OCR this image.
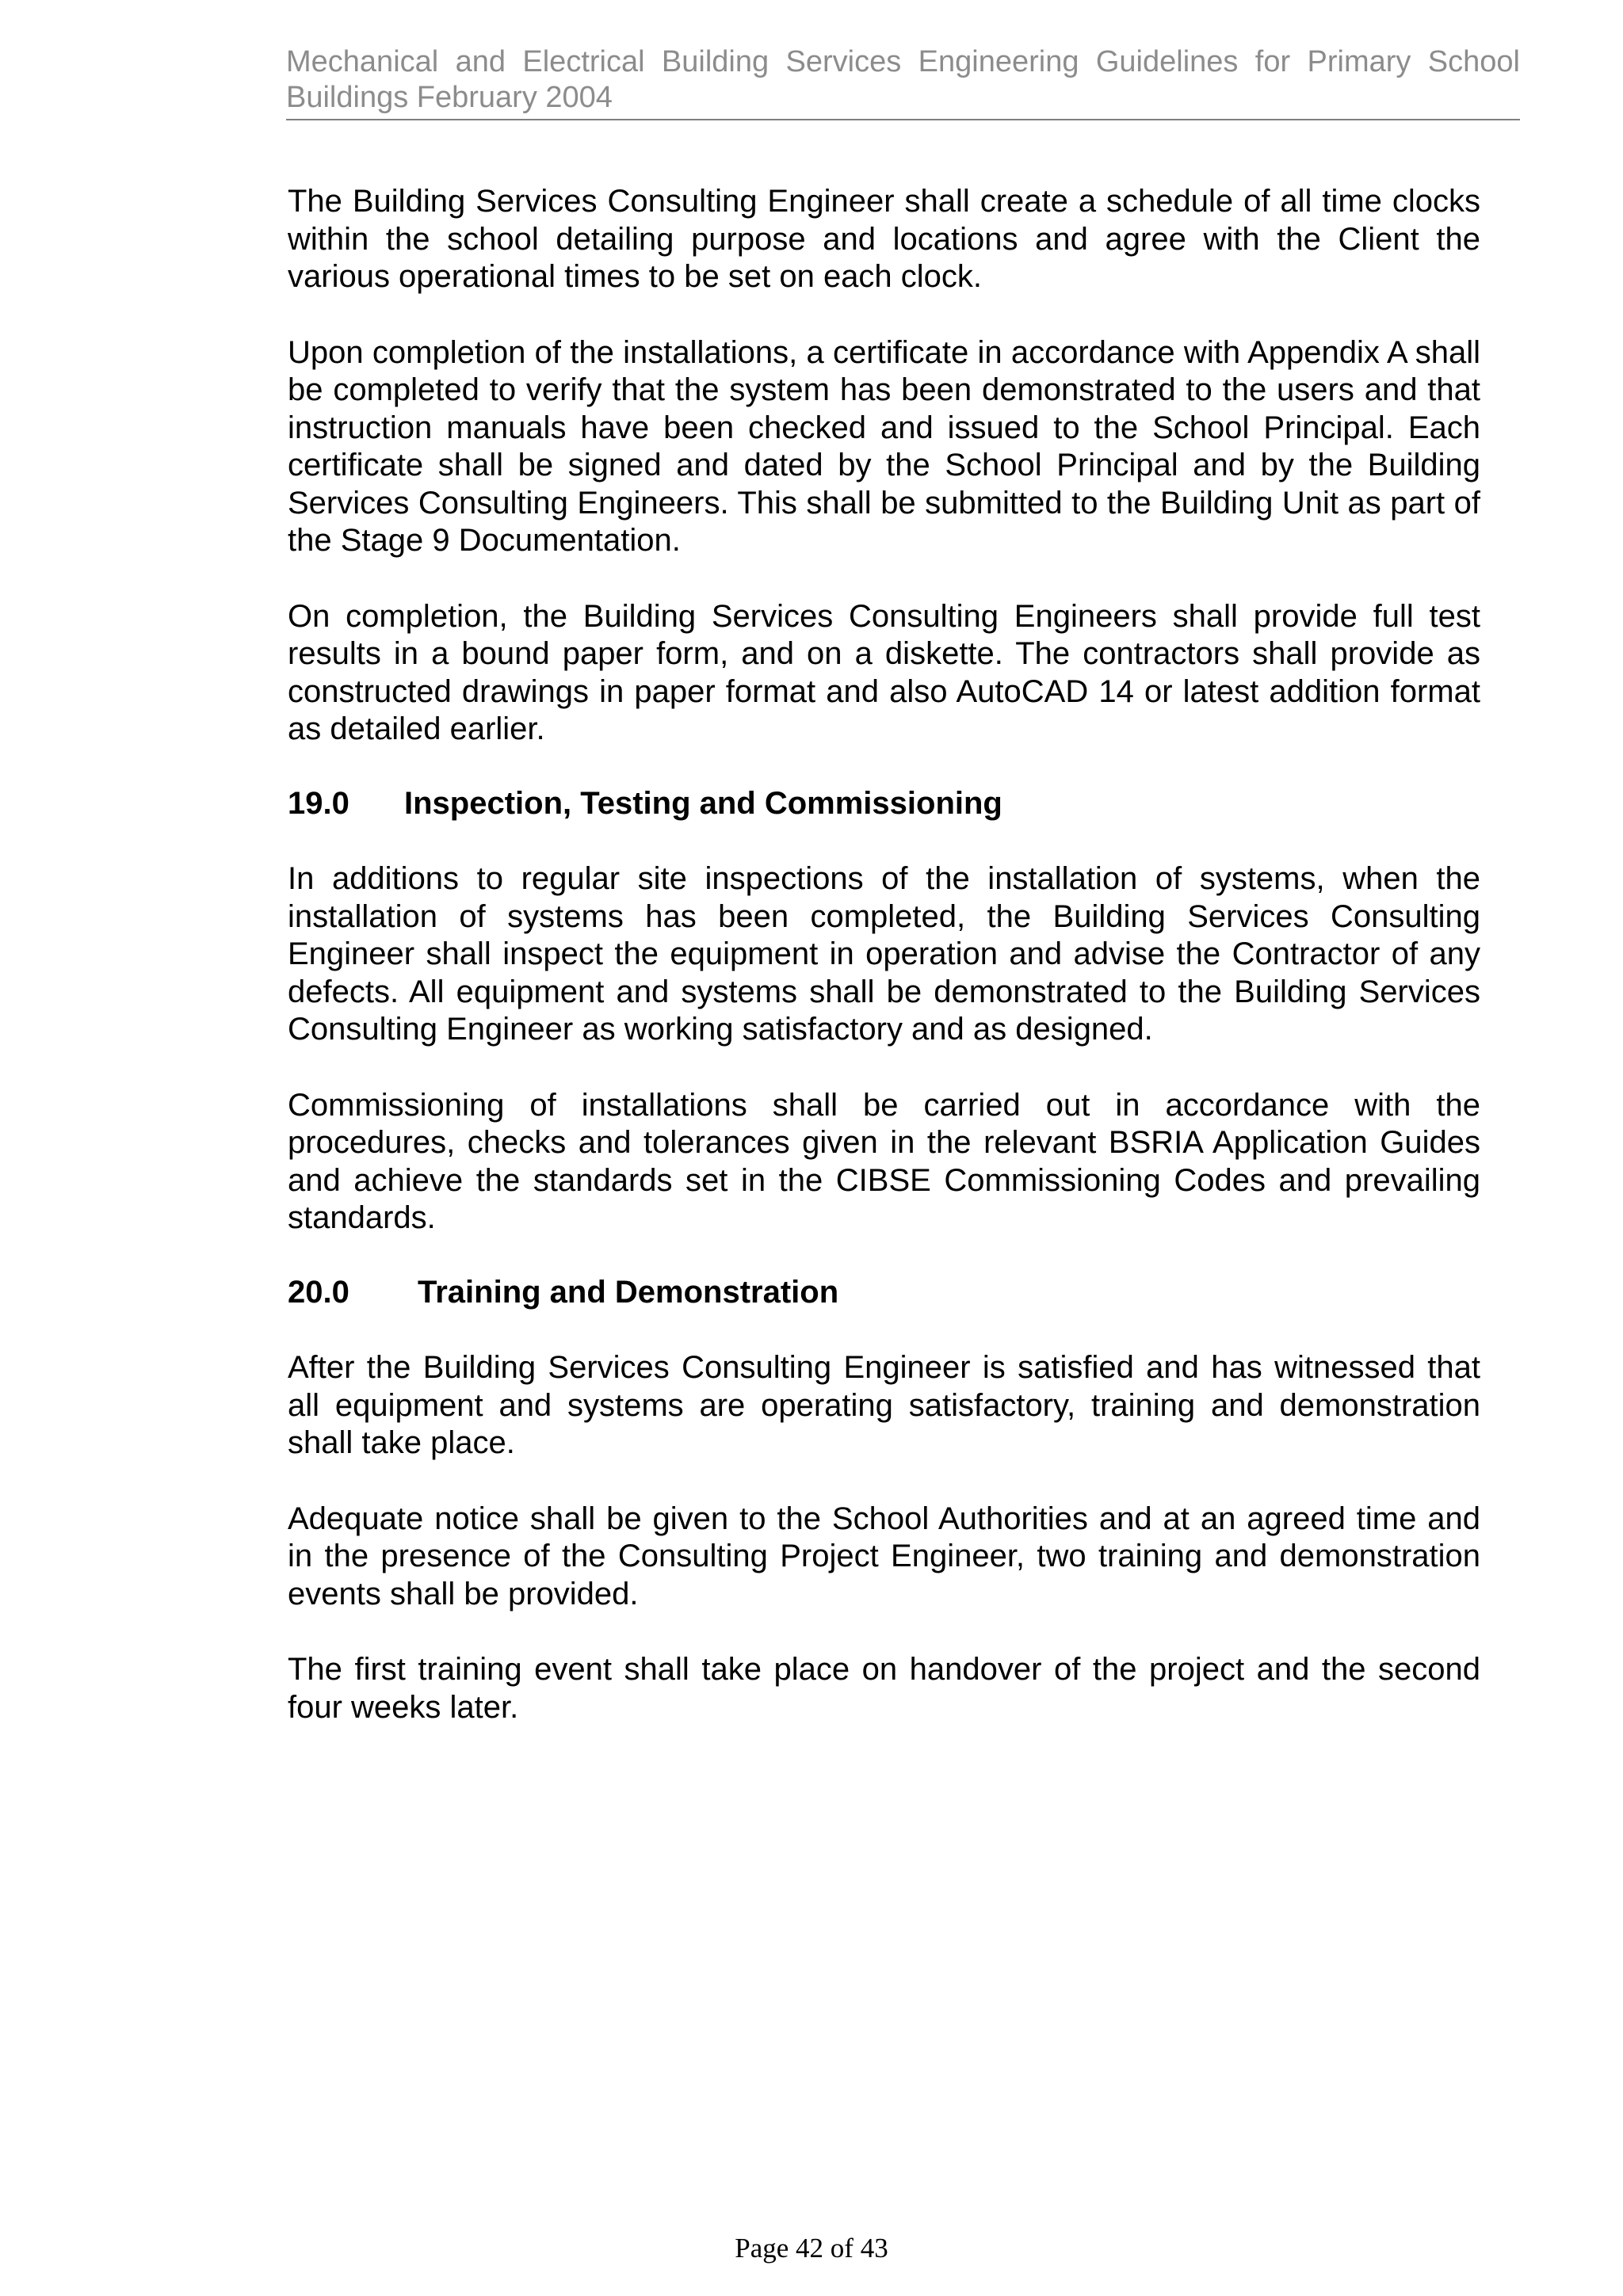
Mechanical and Electrical Building Services Engineering Guidelines for Primary School
Buildings February 2004

The Building Services Consulting Engineer shall create a schedule of all time clocks within the school detailing purpose and locations and agree with the Client the various operational times to be set on each clock.

Upon completion of the installations, a certificate in accordance with Appendix A shall be completed to verify that the system has been demonstrated to the users and that instruction manuals have been checked and issued to the School Principal. Each certificate shall be signed and dated by the School Principal and by the Building Services Consulting Engineers. This shall be submitted to the Building Unit as part of the Stage 9 Documentation.

On completion, the Building Services Consulting Engineers shall provide full test results in a bound paper form, and on a diskette. The contractors shall provide as constructed drawings in paper format and also AutoCAD 14 or latest addition format as detailed earlier.

19.0	Inspection, Testing and Commissioning

In additions to regular site inspections of the installation of systems, when the installation of systems has been completed, the Building Services Consulting Engineer shall inspect the equipment in operation and advise the Contractor of any defects. All equipment and systems shall be demonstrated to the Building Services Consulting Engineer as working satisfactory and as designed.

Commissioning of installations shall be carried out in accordance with the procedures, checks and tolerances given in the relevant BSRIA Application Guides and achieve the standards set in the CIBSE Commissioning Codes and prevailing standards.

20.0	Training and Demonstration

After the Building Services Consulting Engineer is satisfied and has witnessed that all equipment and systems are operating satisfactory, training and demonstration shall take place.

Adequate notice shall be given to the School Authorities and at an agreed time and in the presence of the Consulting Project Engineer, two training and demonstration events shall be provided.

The first training event shall take place on handover of the project and the second four weeks later.

Page 42 of 43
